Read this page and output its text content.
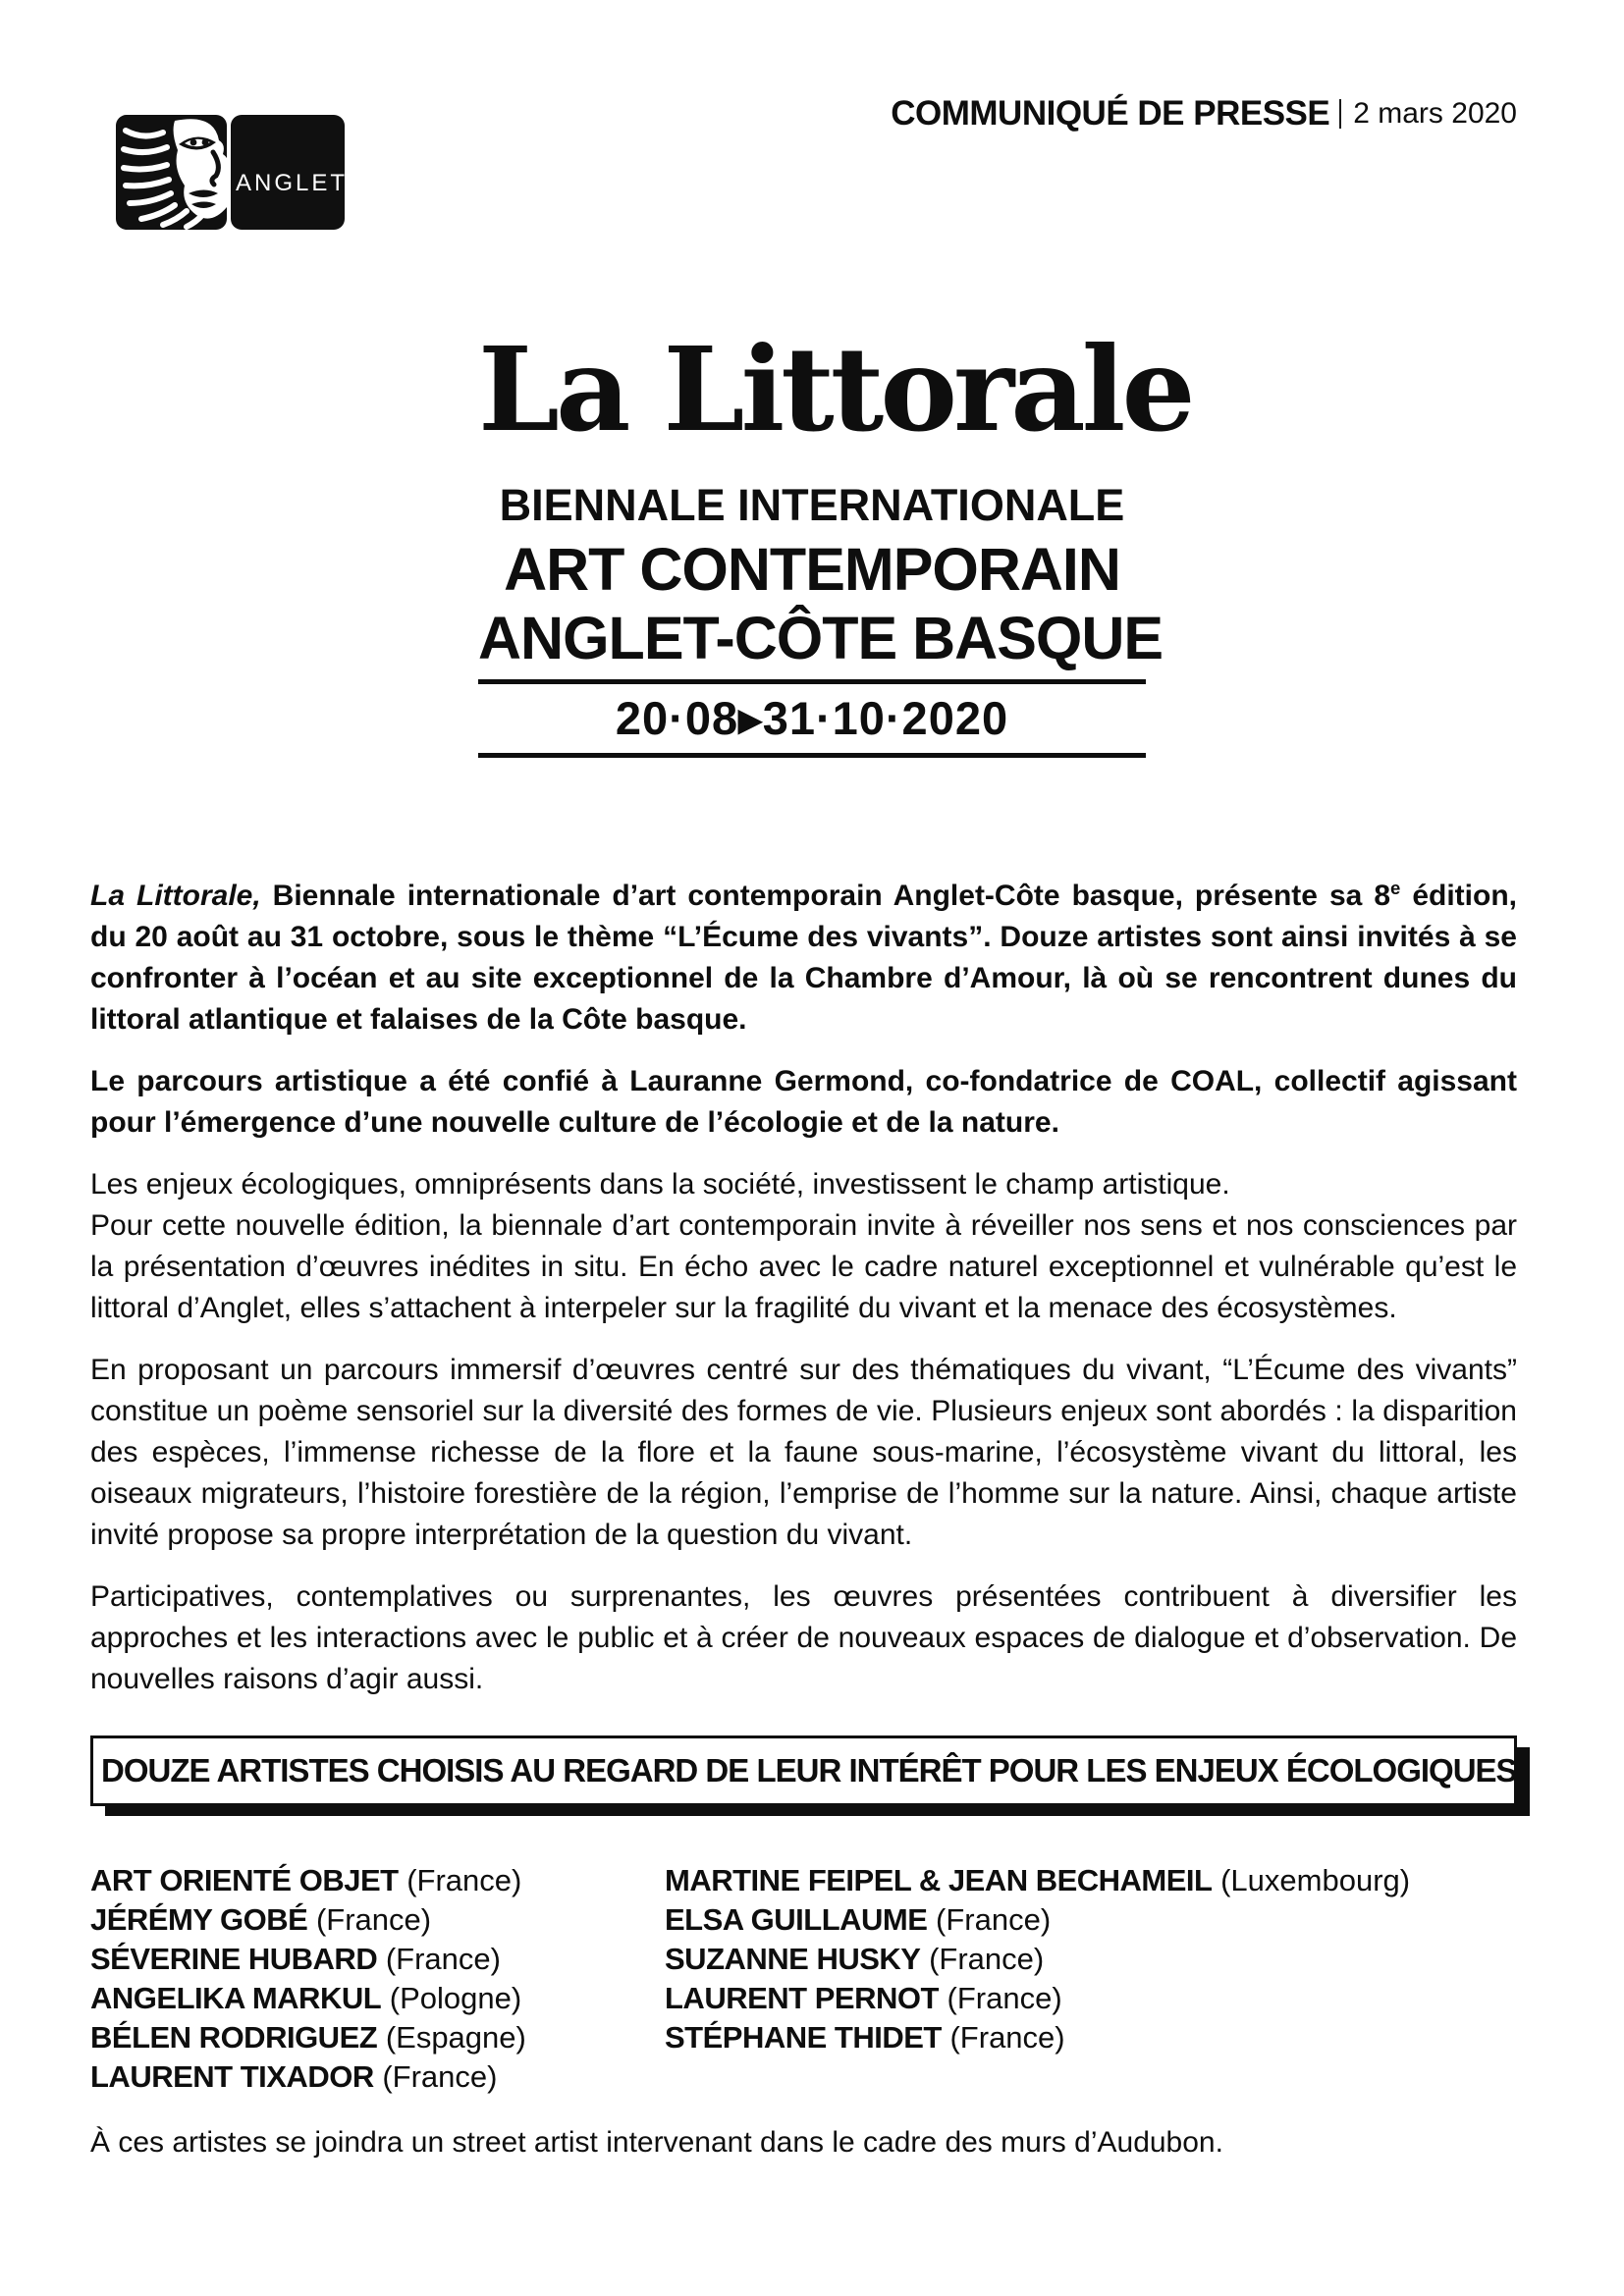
ANGLET
COMMUNIQUÉ DE PRESSE 2 mars 2020
La Littorale
BIENNALE INTERNATIONALE
ART CONTEMPORAIN
ANGLET-CÔTE BASQUE
20·08▸31·10·2020

La Littorale, Biennale internationale d’art contemporain Anglet-Côte basque, présente sa 8e édition, du 20 août au 31 octobre, sous le thème “L’Écume des vivants”. Douze artistes sont ainsi invités à se confronter à l’océan et au site exceptionnel de la Chambre d’Amour, là où se rencontrent dunes du littoral atlantique et falaises de la Côte basque.

Le parcours artistique a été confié à Lauranne Germond, co-fondatrice de COAL, collectif agissant pour l’émergence d’une nouvelle culture de l’écologie et de la nature.

Les enjeux écologiques, omniprésents dans la société, investissent le champ artistique.
Pour cette nouvelle édition, la biennale d’art contemporain invite à réveiller nos sens et nos consciences par la présentation d’œuvres inédites in situ. En écho avec le cadre naturel exceptionnel et vulnérable qu’est le littoral d’Anglet, elles s’attachent à interpeler sur la fragilité du vivant et la menace des écosystèmes.

En proposant un parcours immersif d’œuvres centré sur des thématiques du vivant, “L’Écume des vivants” constitue un poème sensoriel sur la diversité des formes de vie. Plusieurs enjeux sont abordés : la disparition des espèces, l’immense richesse de la flore et la faune sous-marine, l’écosystème vivant du littoral, les oiseaux migrateurs, l’histoire forestière de la région, l’emprise de l’homme sur la nature. Ainsi, chaque artiste invité propose sa propre interprétation de la question du vivant.

Participatives, contemplatives ou surprenantes, les œuvres présentées contribuent à diversifier les approches et les interactions avec le public et à créer de nouveaux espaces de dialogue et d’observation. De nouvelles raisons d’agir aussi.

DOUZE ARTISTES CHOISIS AU REGARD DE LEUR INTÉRÊT POUR LES ENJEUX ÉCOLOGIQUES
ART ORIENTÉ OBJET (France)
JÉRÉMY GOBÉ (France)
SÉVERINE HUBARD (France)
ANGELIKA MARKUL (Pologne)
BÉLEN RODRIGUEZ (Espagne)
LAURENT TIXADOR (France)
MARTINE FEIPEL & JEAN BECHAMEIL (Luxembourg)
ELSA GUILLAUME (France)
SUZANNE HUSKY (France)
LAURENT PERNOT (France)
STÉPHANE THIDET (France)
À ces artistes se joindra un street artist intervenant dans le cadre des murs d’Audubon.
